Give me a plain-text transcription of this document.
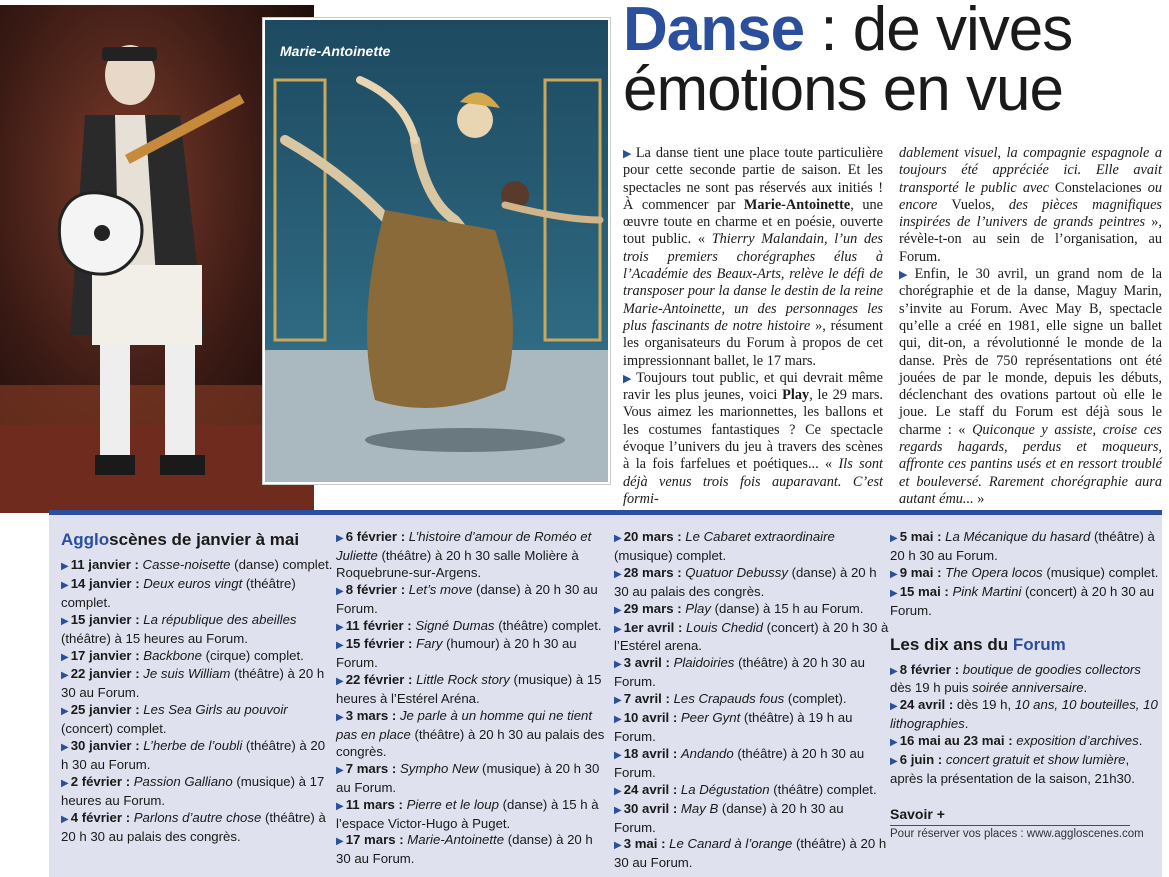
Marie-Antoinette	Danse : de vives émotions en vue

▶ La danse tient une place toute particulière pour cette seconde partie de saison. Et les spectacles ne sont pas réservés aux initiés ! À commencer par Marie-Antoinette, une œuvre toute en charme et en poésie, ouverte tout public. « Thierry Malandain, l’un des trois premiers chorégraphes élus à l’Académie des Beaux-Arts, relève le défi de transposer pour la danse le destin de la reine Marie-Antoinette, un des personnages les plus fascinants de notre histoire », résument les organisateurs du Forum à propos de cet impressionnant ballet, le 17 mars.

▶ Toujours tout public, et qui devrait même ravir les plus jeunes, voici Play, le 29 mars. Vous aimez les marionnettes, les ballons et les costumes fantastiques ? Ce spectacle évoque l’univers du jeu à travers des scènes à la fois farfelues et poétiques... « Ils sont déjà venus trois fois auparavant. C’est formi-

dablement visuel, la compagnie espagnole a toujours été appréciée ici. Elle avait transporté le public avec Constelaciones ou encore Vuelos, des pièces magnifiques inspirées de l’univers de grands peintres », révèle-t-on au sein de l’organisation, au Forum.

▶ Enfin, le 30 avril, un grand nom de la chorégraphie et de la danse, Maguy Marin, s’invite au Forum. Avec May B, spectacle qu’elle a créé en 1981, elle signe un ballet qui, dit-on, a révolutionné le monde de la danse. Près de 750 représentations ont été jouées de par le monde, depuis les débuts, déclenchant des ovations partout où elle le joue. Le staff du Forum est déjà sous le charme : « Quiconque y assiste, croise ces regards hagards, perdus et moqueurs, affronte ces pantins usés et en ressort troublé et bouleversé. Rarement chorégraphie aura autant ému... »

Aggloscènes de janvier à mai

▶ 11 janvier : Casse-noisette (danse) complet.

▶ 14 janvier : Deux euros vingt (théâtre) complet.

▶ 15 janvier : La république des abeilles (théâtre) à 15 heures au Forum.

▶ 17 janvier : Backbone (cirque) complet.

▶ 22 janvier : Je suis William (théâtre) à 20 h 30 au Forum.

▶ 25 janvier : Les Sea Girls au pouvoir (concert) complet.

▶ 30 janvier : L’herbe de l’oubli (théâtre) à 20 h 30 au Forum.

▶ 2 février : Passion Galliano (musique) à 17 heures au Forum.

▶ 4 février : Parlons d’autre chose (théâtre) à 20 h 30 au palais des congrès.

▶ 6 février : L’histoire d’amour de Roméo et Juliette (théâtre) à 20 h 30 salle Molière à Roquebrune-sur-Argens.

▶ 8 février : Let’s move (danse) à 20 h 30 au Forum.

▶ 11 février : Signé Dumas (théâtre) complet.

▶ 15 février : Fary (humour) à 20 h 30 au Forum.

▶ 22 février : Little Rock story (musique) à 15 heures à l’Estérel Aréna.

▶ 3 mars : Je parle à un homme qui ne tient pas en place (théâtre) à 20 h 30 au palais des congrès.

▶ 7 mars : Sympho New (musique) à 20 h 30 au Forum.

▶ 11 mars : Pierre et le loup (danse) à 15 h à l’espace Victor-Hugo à Puget.

▶ 17 mars : Marie-Antoinette (danse) à 20 h 30 au Forum.

▶ 20 mars : Le Cabaret extraordinaire (musique) complet.

▶ 28 mars : Quatuor Debussy (danse) à 20 h 30 au palais des congrès.

▶ 29 mars : Play (danse) à 15 h au Forum.

▶ 1er avril : Louis Chedid (concert) à 20 h 30 à l’Estérel arena.

▶ 3 avril : Plaidoiries (théâtre) à 20 h 30 au Forum.

▶ 7 avril : Les Crapauds fous (complet).

▶ 10 avril : Peer Gynt (théâtre) à 19 h au Forum.

▶ 18 avril : Andando (théâtre) à 20 h 30 au Forum.

▶ 24 avril : La Dégustation (théâtre) complet.

▶ 30 avril : May B (danse) à 20 h 30 au Forum.

▶ 3 mai : Le Canard à l’orange (théâtre) à 20 h 30 au Forum.

▶ 5 mai : La Mécanique du hasard (théâtre) à 20 h 30 au Forum.

▶ 9 mai : The Opera locos (musique) complet.

▶ 15 mai : Pink Martini (concert) à 20 h 30 au Forum.

Les dix ans du Forum

▶ 8 février : boutique de goodies collectors dès 19 h puis soirée anniversaire.

▶ 24 avril : dès 19 h, 10 ans, 10 bouteilles, 10 lithographies.

▶ 16 mai au 23 mai : exposition d’archives.

▶ 6 juin : concert gratuit et show lumière, après la présentation de la saison, 21h30.

Savoir +
Pour réserver vos places : www.aggloscenes.com
